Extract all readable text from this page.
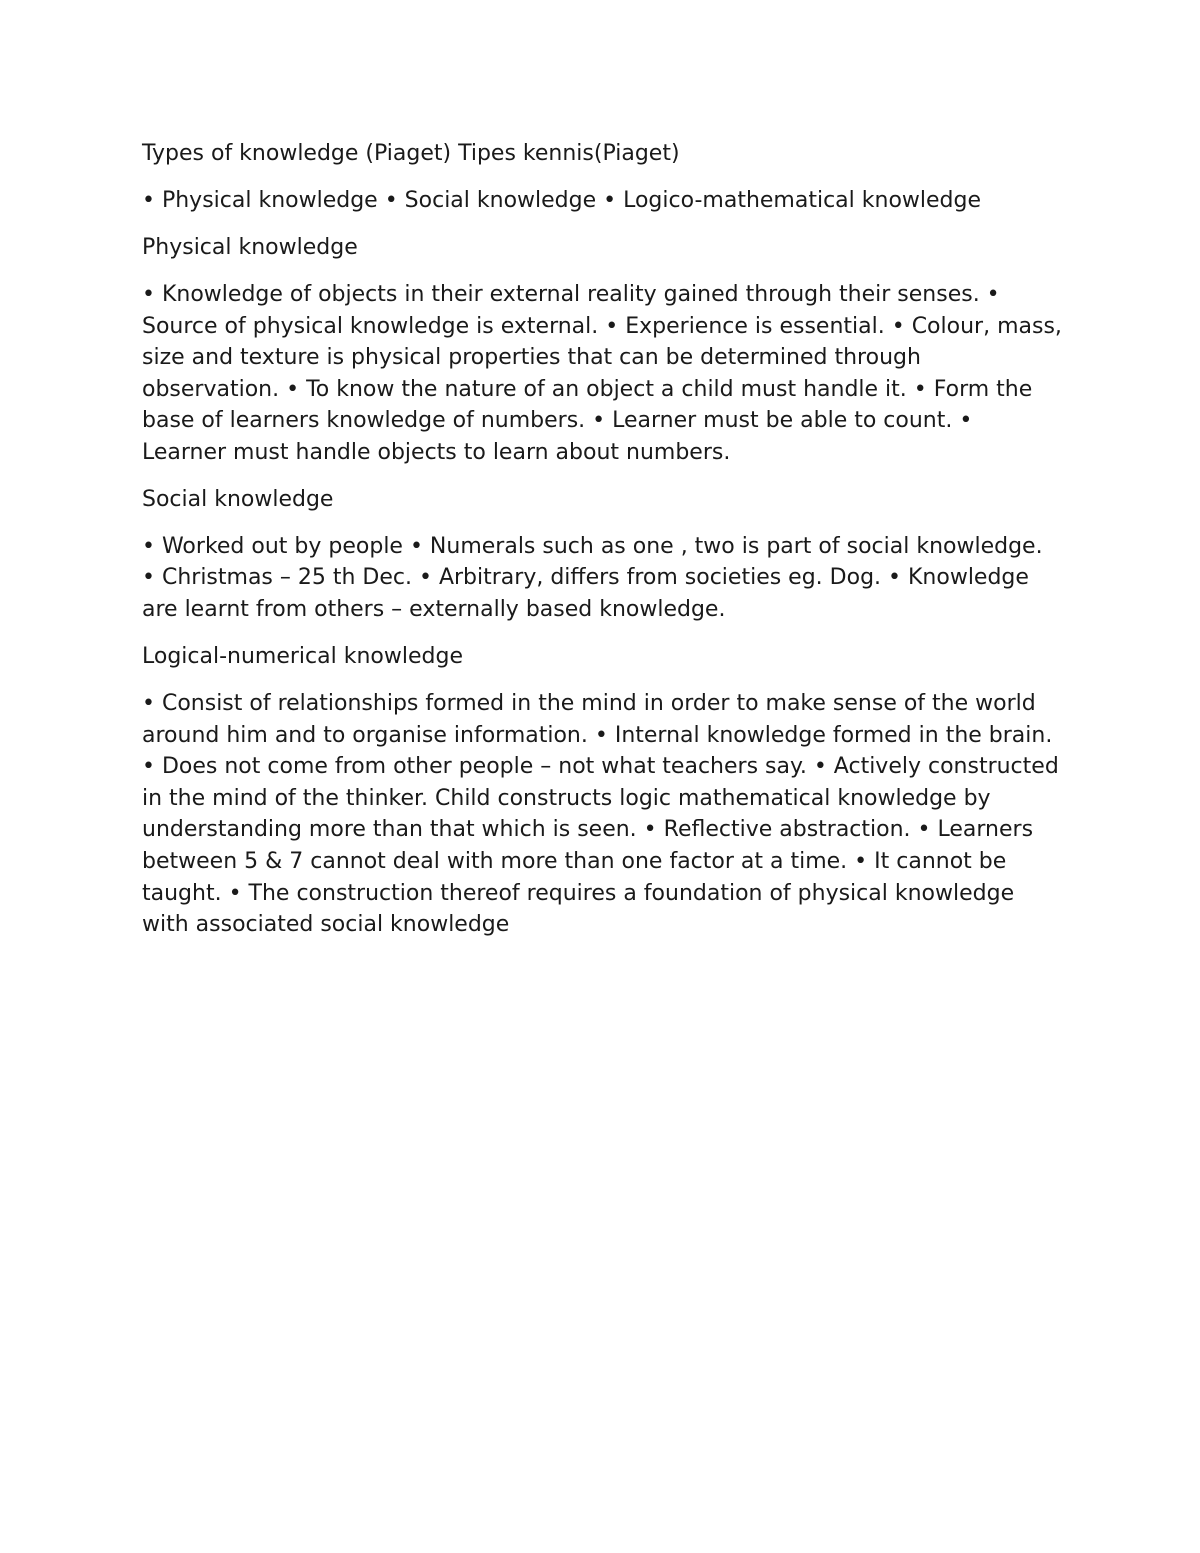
Types of knowledge (Piaget) Tipes kennis(Piaget)

• Physical knowledge • Social knowledge • Logico-mathematical knowledge

Physical knowledge

• Knowledge of objects in their external reality gained through their senses. • Source of physical knowledge is external. • Experience is essential. • Colour, mass, size and texture is physical properties that can be determined through observation. • To know the nature of an object a child must handle it. • Form the base of learners knowledge of numbers. • Learner must be able to count. • Learner must handle objects to learn about numbers.

Social knowledge

• Worked out by people • Numerals such as one , two is part of social knowledge. • Christmas – 25 th Dec. • Arbitrary, differs from societies eg. Dog. • Knowledge are learnt from others – externally based knowledge.

Logical-numerical knowledge

• Consist of relationships formed in the mind in order to make sense of the world around him and to organise information. • Internal knowledge formed in the brain. • Does not come from other people – not what teachers say. • Actively constructed in the mind of the thinker. Child constructs logic mathematical knowledge by understanding more than that which is seen. • Reflective abstraction. • Learners between 5 & 7 cannot deal with more than one factor at a time. • It cannot be taught. • The construction thereof requires a foundation of physical knowledge with associated social knowledge
